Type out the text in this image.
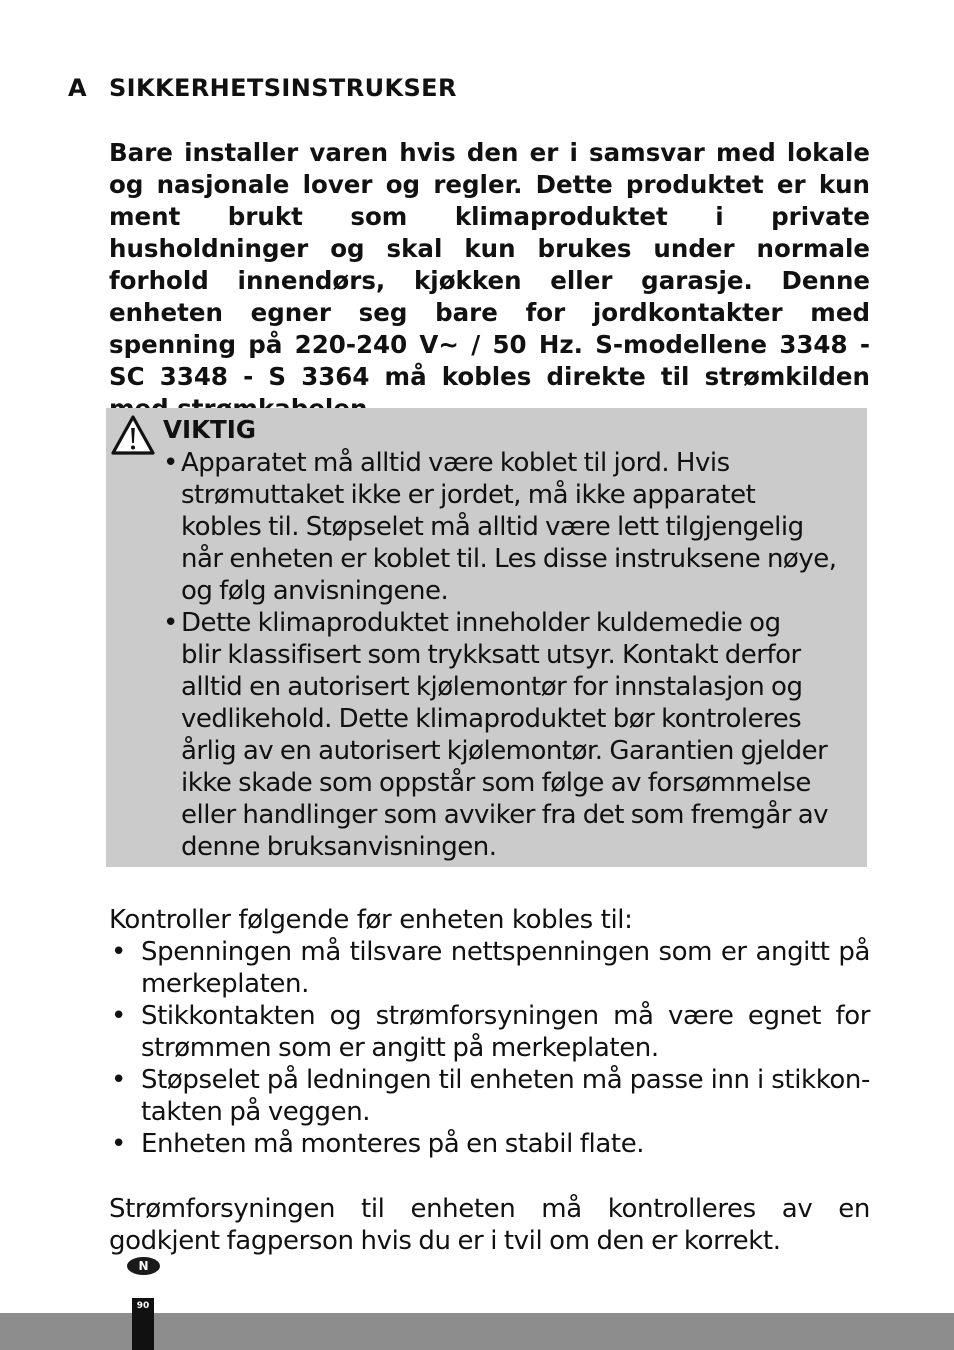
A SIKKERHETSINSTRUKSER

Bare installer varen hvis den er i samsvar med lokale og nasjonale lover og regler. Dette produktet er kun ment brukt som klimaproduktet i private husholdninger og skal kun brukes under normale forhold innendørs, kjøkken eller garasje. Denne enheten egner seg bare for jordkontakter med spenning på 220-240 V~ / 50 Hz. S-modellene 3348 - SC 3348 - S 3364 må kobles direkte til strømkilden

VIKTIG
• Apparatet må alltid være koblet til jord. Hvis
strømuttaket ikke er jordet, må ikke apparatet
kobles til. Støpselet må alltid være lett tilgjengelig
når enheten er koblet til. Les disse instruksene nøye,
og følg anvisningene.
• Dette klimaproduktet inneholder kuldemedie og
blir klassifisert som trykksatt utsyr. Kontakt derfor
alltid en autorisert kjølemontør for innstalasjon og
vedlikehold. Dette klimaproduktet bør kontroleres
årlig av en autorisert kjølemontør. Garantien gjelder
ikke skade som oppstår som følge av forsømmelse
eller handlinger som avviker fra det som fremgår av
denne bruksanvisningen.

Kontroller følgende før enheten kobles til:

• Spenningen må tilsvare nettspenningen som er angitt på merkeplaten.
• Stikkontakten og strømforsyningen må være egnet for strømmen som er angitt på merkeplaten.
• Støpselet på ledningen til enheten må passe inn i stikkon-takten på veggen.
• Enheten må monteres på en stabil flate.

Strømforsyningen til enheten må kontrolleres av en godkjent fagperson hvis du er i tvil om den er korrekt.

N
90
